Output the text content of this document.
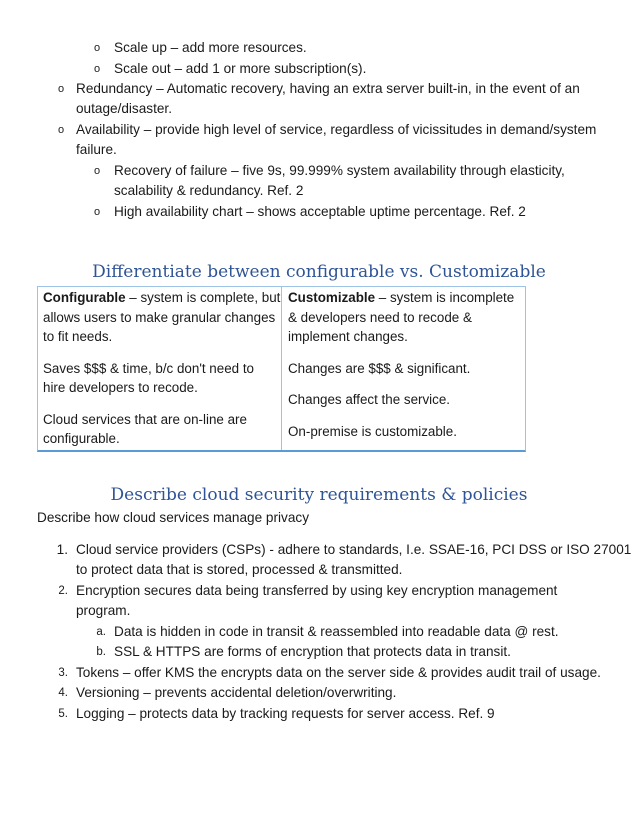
o Scale up – add more resources.
o Scale out – add 1 or more subscription(s).
o Redundancy – Automatic recovery, having an extra server built-in, in the event of an
outage/disaster.
o Availability – provide high level of service, regardless of vicissitudes in demand/system
failure.
o Recovery of failure – five 9s, 99.999% system availability through elasticity,
scalability & redundancy. Ref. 2
o High availability chart – shows acceptable uptime percentage. Ref. 2
Differentiate between configurable vs. Customizable

Configurable – system is complete, but

allows users to make granular changes

to fit needs.

Saves $$$ & time, b/c don't need to

hire developers to recode.

Cloud services that are on-line are

configurable.

Customizable – system is incomplete

& developers need to recode &

implement changes.

Changes are $$$ & significant.

Changes affect the service.

On-premise is customizable.

Describe cloud security requirements & policies
Describe how cloud services manage privacy
1. Cloud service providers (CSPs) - adhere to standards, I.e. SSAE-16, PCI DSS or ISO 27001
to protect data that is stored, processed & transmitted.
2. Encryption secures data being transferred by using key encryption management
program.
a. Data is hidden in code in transit & reassembled into readable data @ rest.
b. SSL & HTTPS are forms of encryption that protects data in transit.
3. Tokens – offer KMS the encrypts data on the server side & provides audit trail of usage.
4. Versioning – prevents accidental deletion/overwriting.
5. Logging – protects data by tracking requests for server access. Ref. 9
